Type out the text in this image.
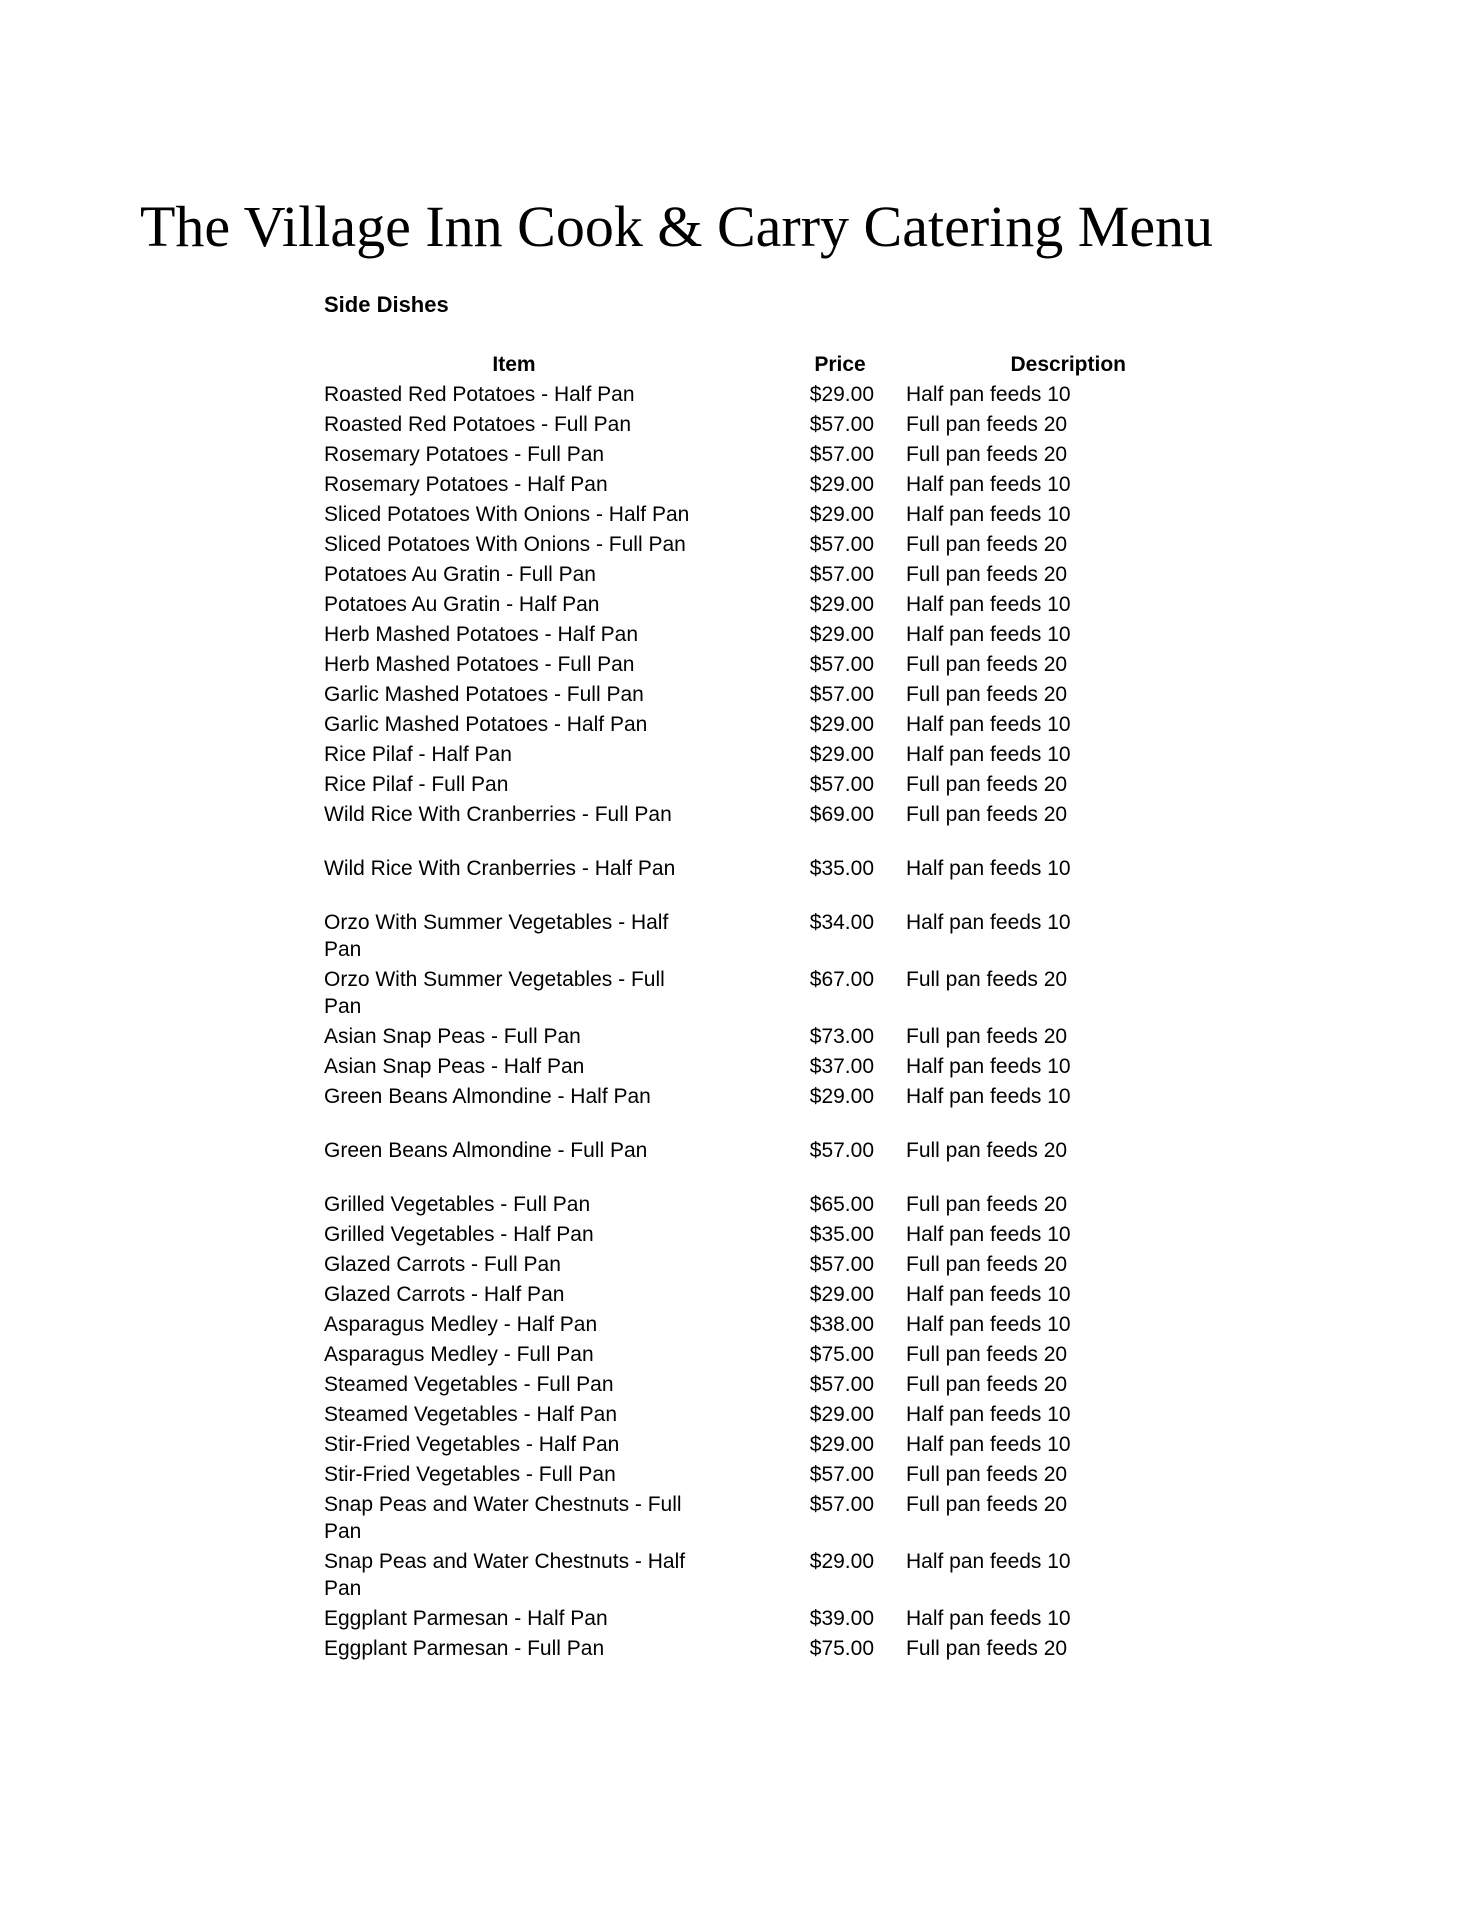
The Village Inn Cook & Carry Catering Menu
Side Dishes
Item	Price	Description
Roasted Red Potatoes - Half Pan	$29.00	Half pan feeds 10
Roasted Red Potatoes - Full Pan	$57.00	Full pan feeds 20
Rosemary Potatoes - Full Pan	$57.00	Full pan feeds 20
Rosemary Potatoes - Half Pan	$29.00	Half pan feeds 10
Sliced Potatoes With Onions - Half Pan	$29.00	Half pan feeds 10
Sliced Potatoes With Onions - Full Pan	$57.00	Full pan feeds 20
Potatoes Au Gratin - Full Pan	$57.00	Full pan feeds 20
Potatoes Au Gratin - Half Pan	$29.00	Half pan feeds 10
Herb Mashed Potatoes - Half Pan	$29.00	Half pan feeds 10
Herb Mashed Potatoes - Full Pan	$57.00	Full pan feeds 20
Garlic Mashed Potatoes - Full Pan	$57.00	Full pan feeds 20
Garlic Mashed Potatoes - Half Pan	$29.00	Half pan feeds 10
Rice Pilaf - Half Pan	$29.00	Half pan feeds 10
Rice Pilaf - Full Pan	$57.00	Full pan feeds 20
Wild Rice With Cranberries - Full Pan	$69.00	Full pan feeds 20
Wild Rice With Cranberries - Half Pan	$35.00	Half pan feeds 10
Orzo With Summer Vegetables - Half Pan	$34.00	Half pan feeds 10
Orzo With Summer Vegetables - Full Pan	$67.00	Full pan feeds 20
Asian Snap Peas - Full Pan	$73.00	Full pan feeds 20
Asian Snap Peas - Half Pan	$37.00	Half pan feeds 10
Green Beans Almondine - Half Pan	$29.00	Half pan feeds 10
Green Beans Almondine - Full Pan	$57.00	Full pan feeds 20
Grilled Vegetables - Full Pan	$65.00	Full pan feeds 20
Grilled Vegetables - Half Pan	$35.00	Half pan feeds 10
Glazed Carrots - Full Pan	$57.00	Full pan feeds 20
Glazed Carrots - Half Pan	$29.00	Half pan feeds 10
Asparagus Medley - Half Pan	$38.00	Half pan feeds 10
Asparagus Medley - Full Pan	$75.00	Full pan feeds 20
Steamed Vegetables - Full Pan	$57.00	Full pan feeds 20
Steamed Vegetables - Half Pan	$29.00	Half pan feeds 10
Stir-Fried Vegetables - Half Pan	$29.00	Half pan feeds 10
Stir-Fried Vegetables - Full Pan	$57.00	Full pan feeds 20
Snap Peas and Water Chestnuts - Full Pan	$57.00	Full pan feeds 20
Snap Peas and Water Chestnuts - Half Pan	$29.00	Half pan feeds 10
Eggplant Parmesan - Half Pan	$39.00	Half pan feeds 10
Eggplant Parmesan - Full Pan	$75.00	Full pan feeds 20
